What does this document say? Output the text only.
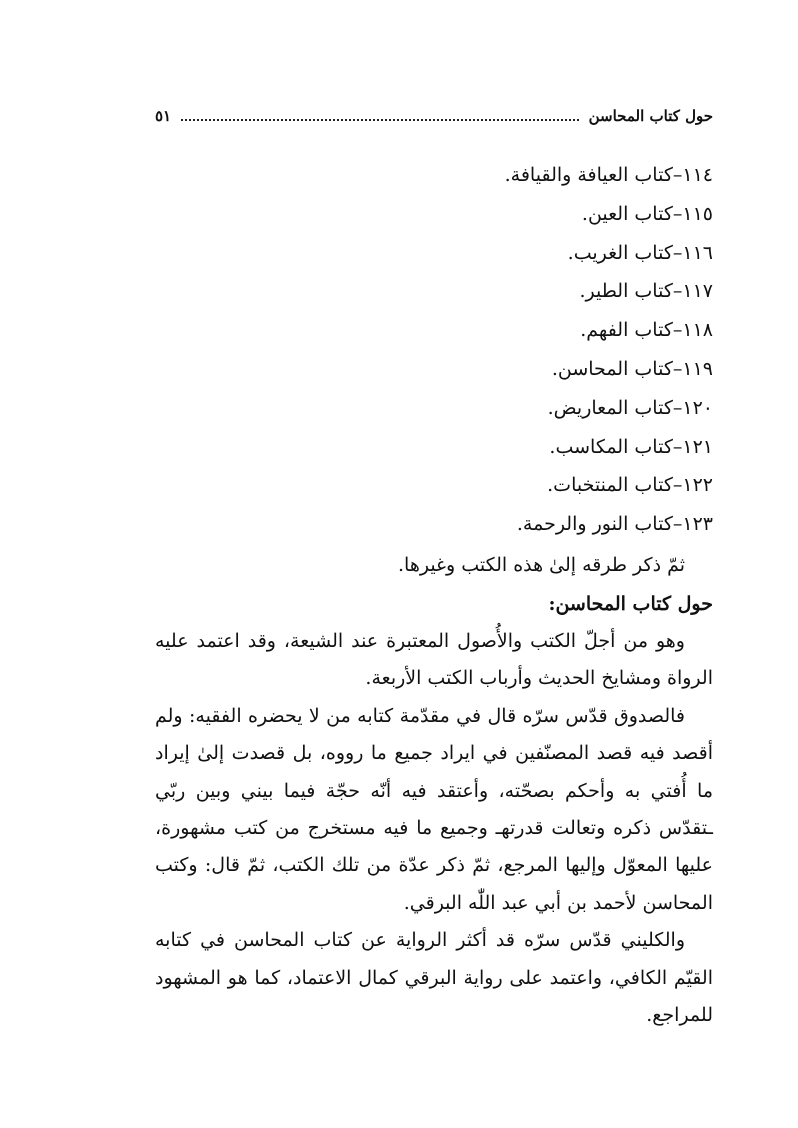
حول كتاب المحاسن
٥١
١١٤–كتاب العيافة والقيافة.
١١٥–كتاب العين.
١١٦–كتاب الغريب.
١١٧–كتاب الطير.
١١٨–كتاب الفهم.
١١٩–كتاب المحاسن.
١٢٠–كتاب المعاريض.
١٢١–كتاب المكاسب.
١٢٢–كتاب المنتخبات.
١٢٣–كتاب النور والرحمة.
ثمّ ذكر طرقه إلىٰ هذه الكتب وغيرها.
حول كتاب المحاسن:

وهو من أجلّ الكتب والأُصول المعتبرة عند الشيعة، وقد اعتمد عليه الرواة ومشايخ الحديث وأرباب الكتب الأربعة.

فالصدوق قدّس سرّه قال في مقدّمة كتابه من لا يحضره الفقيه: ولم أقصد فيه قصد المصنّفين في ايراد جميع ما رووه، بل قصدت إلىٰ إيراد ما أُفتي به وأحكم بصحّته، وأعتقد فيه أنّه حجّة فيما بيني وبين ربّي ـتقدّس ذكره وتعالت قدرتهـ وجميع ما فيه مستخرج من كتب مشهورة، عليها المعوّل وإليها المرجع، ثمّ ذكر عدّة من تلك الكتب، ثمّ قال: وكتب المحاسن لأحمد بن أبي عبد اللّٰه البرقي.

والكليني قدّس سرّه قد أكثر الرواية عن كتاب المحاسن في كتابه القيّم الكافي، واعتمد على رواية البرقي كمال الاعتماد، كما هو المشهود للمراجع.
